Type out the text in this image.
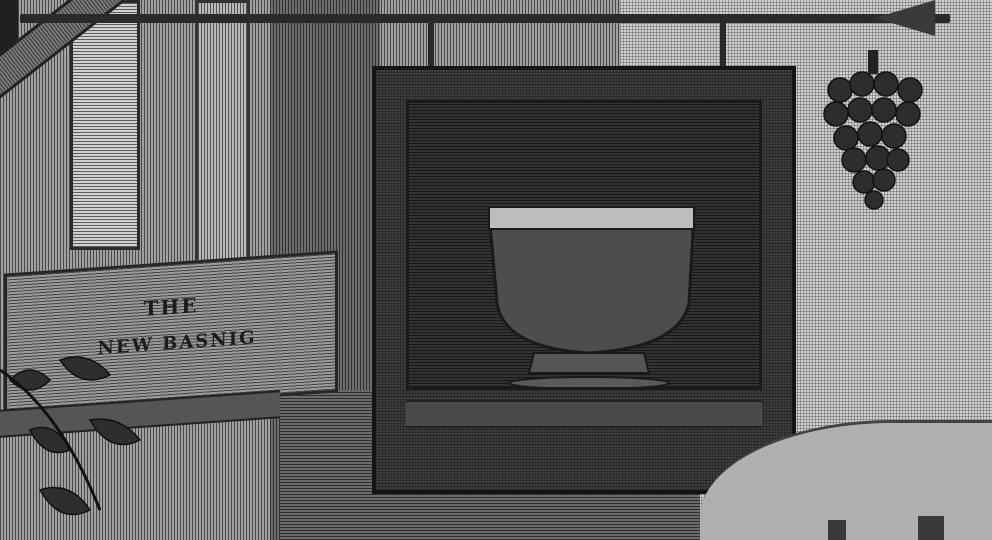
THE
NEW BASNIG
